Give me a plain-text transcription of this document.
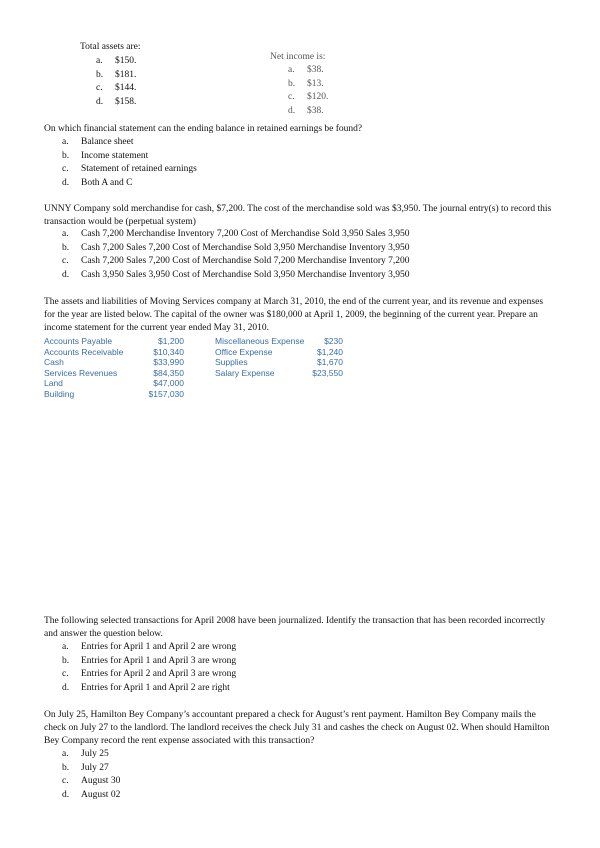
Total assets are:
a.	$150.
b.	$181.
c.	$144.
d.	$158.
Net income is:
a.	$38.
b.	$13.
c.	$120.
d.	$38.
On which financial statement can the ending balance in retained earnings be found?
a.	Balance sheet
b.	Income statement
c.	Statement of retained earnings
d.	Both A and C
UNNY Company sold merchandise for cash, $7,200. The cost of the merchandise sold was $3,950. The journal entry(s) to record this transaction would be (perpetual system)
a.	Cash 7,200 Merchandise Inventory 7,200 Cost of Merchandise Sold 3,950 Sales 3,950
b.	Cash 7,200 Sales 7,200 Cost of Merchandise Sold 3,950 Merchandise Inventory 3,950
c.	Cash 7,200 Sales 7,200 Cost of Merchandise Sold 7,200 Merchandise Inventory 7,200
d.	Cash 3,950 Sales 3,950 Cost of Merchandise Sold 3,950 Merchandise Inventory 3,950
The assets and liabilities of Moving Services company at March 31, 2010, the end of the current year, and its revenue and expenses for the year are listed below. The capital of the owner was $180,000 at April 1, 2009, the beginning of the current year. Prepare an income statement for the current year ended May 31, 2010.
Accounts Payable	$1,200
Accounts Receivable	$10,340
Cash	$33,990
Services Revenues	$84,350
Land	$47,000
Building	$157,030
Miscellaneous Expense $230
Office Expense	$1,240
Supplies	$1,670
Salary Expense	$23,550
The following selected transactions for April 2008 have been journalized. Identify the transaction that has been recorded incorrectly and answer the question below.
a.	Entries for April 1 and April 2 are wrong
b.	Entries for April 1 and April 3 are wrong
c.	Entries for April 2 and April 3 are wrong
d.	Entries for April 1 and April 2 are right
On July 25, Hamilton Bey Company’s accountant prepared a check for August’s rent payment. Hamilton Bey Company mails the check on July 27 to the landlord. The landlord receives the check July 31 and cashes the check on August 02. When should Hamilton Bey Company record the rent expense associated with this transaction?
a.	July 25
b.	July 27
c.	August 30
d.	August 02
